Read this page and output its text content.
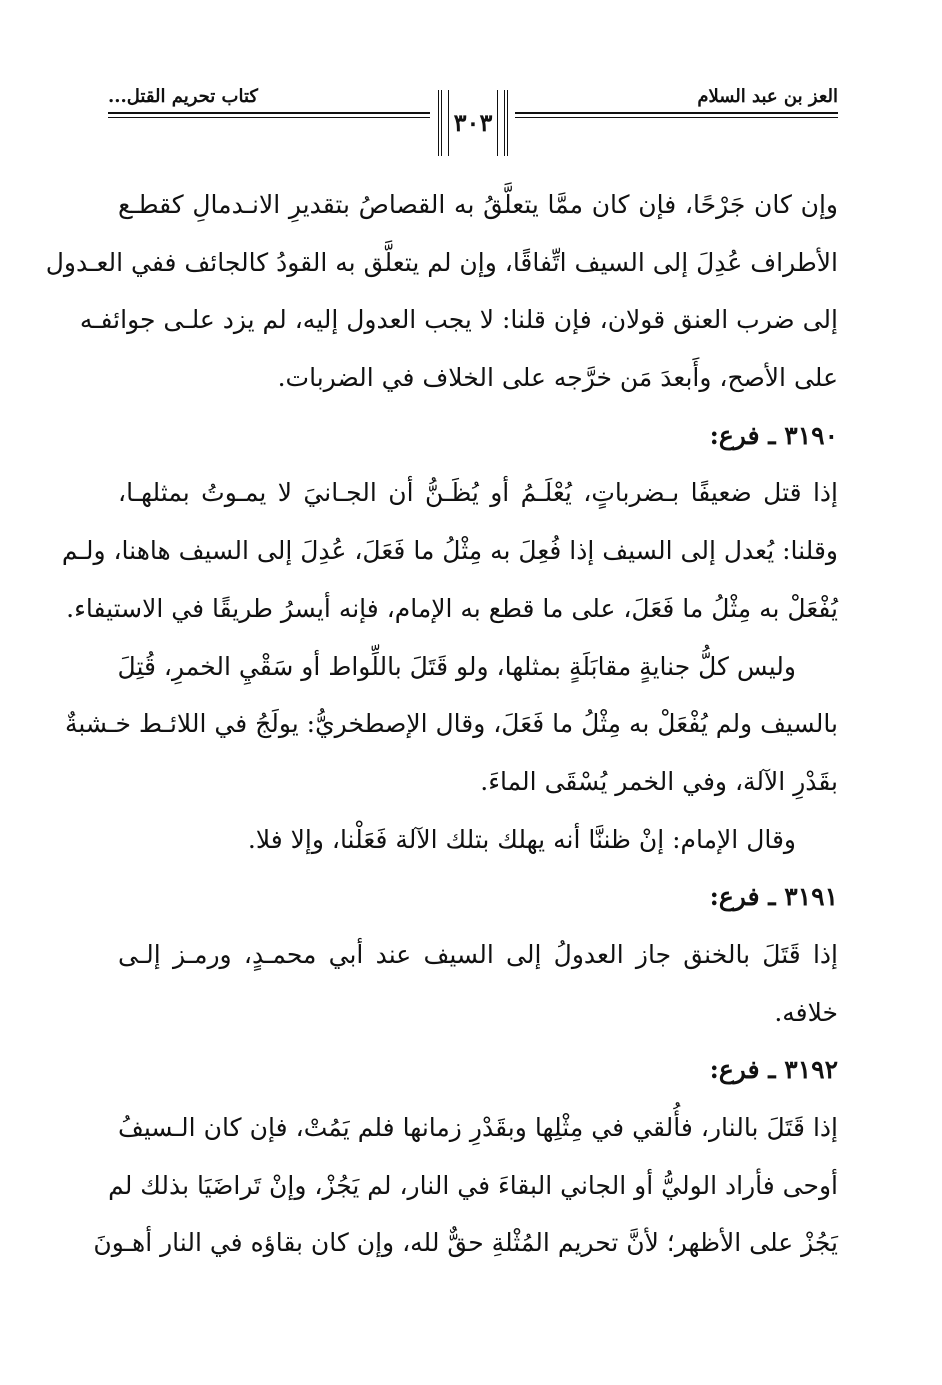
العز بن عبد السلام
كتاب تحريم القتل...
٣٠٣
وإن كان جَرْحًا، فإن كان ممَّا يتعلَّقُ به القصاصُ بتقديرِ الانـدمالِ كقطـع
الأطراف عُدِلَ إلى السيف اتِّفاقًا، وإن لم يتعلَّق به القودُ كالجائف ففي العـدول
إلى ضرب العنق قولان، فإن قلنا: لا يجب العدول إليه، لم يزد علـى جوائفـه
على الأصح، وأَبعدَ مَن خرَّجه على الخلاف في الضربات.
٣١٩٠ ـ فرع:
إذا قتل ضعيفًا بـضرباتٍ، يُعْلَـمُ أو يُظَـنُّ أن الجـانيَ لا يمـوتُ بمثلهـا،
وقلنا: يُعدل إلى السيف إذا فُعِلَ به مِثْلُ ما فَعَلَ، عُدِلَ إلى السيف هاهنا، ولـم
يُفْعَلْ به مِثْلُ ما فَعَلَ، على ما قطع به الإمام، فإنه أيسرُ طريقًا في الاستيفاء.
وليس كلُّ جنايةٍ مقابَلَةٍ بمثلها، ولو قَتَلَ باللِّواط أو سَقْيِ الخمرِ، قُتِلَ
بالسيف ولم يُفْعَلْ به مِثْلُ ما فَعَلَ، وقال الإصطخريُّ: يولَجُ في اللائـط خـشبةٌ
بقَدْرِ الآلة، وفي الخمر يُسْقَى الماءَ.
وقال الإمام: إنْ ظننَّا أنه يهلك بتلك الآلة فَعَلْنا، وإلا فلا.
٣١٩١ ـ فرع:
إذا قَتَلَ بالخنق جاز العدولُ إلى السيف عند أبي محمـدٍ، ورمـز إلـى
خلافه.
٣١٩٢ ـ فرع:
إذا قَتَلَ بالنار، فأُلقي في مِثْلِها وبقَدْرِ زمانها فلم يَمُتْ، فإن كان الـسيفُ
أوحى فأراد الوليُّ أو الجاني البقاءَ في النار، لم يَجُزْ، وإنْ تَراضَيَا بذلك لم
يَجُزْ على الأظهر؛ لأنَّ تحريم المُثْلةِ حقٌّ لله، وإن كان بقاؤه في النار أهـونَ
